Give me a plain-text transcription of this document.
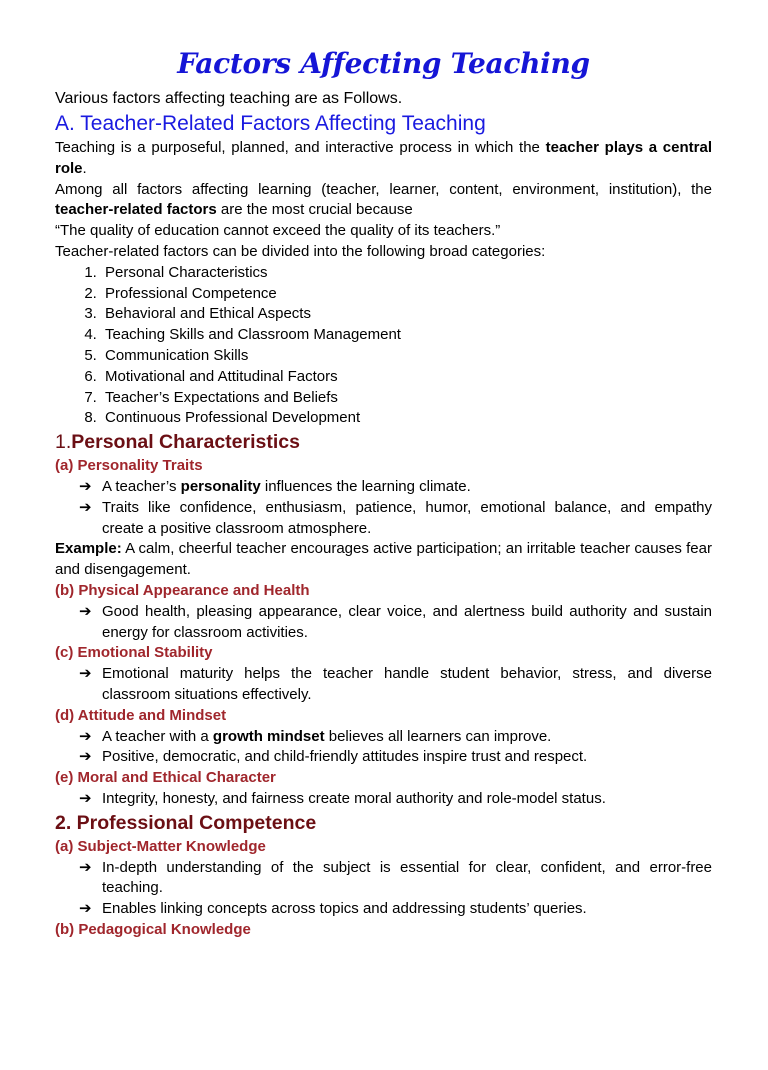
Factors Affecting Teaching

Various factors affecting teaching are as Follows.

A. Teacher-Related Factors Affecting Teaching

Teaching is a purposeful, planned, and interactive process in which the teacher plays a central role.

Among all factors affecting learning (teacher, learner, content, environment, institution), the teacher-related factors are the most crucial because

“The quality of education cannot exceed the quality of its teachers.”

Teacher-related factors can be divided into the following broad categories:

1. Personal Characteristics
2. Professional Competence
3. Behavioral and Ethical Aspects
4. Teaching Skills and Classroom Management
5. Communication Skills
6. Motivational and Attitudinal Factors
7. Teacher’s Expectations and Beliefs
8. Continuous Professional Development
1.Personal Characteristics

(a) Personality Traits

➔ A teacher’s personality influences the learning climate.
➔ Traits like confidence, enthusiasm, patience, humor, emotional balance, and empathy create a positive classroom atmosphere.

Example: A calm, cheerful teacher encourages active participation; an irritable teacher causes fear and disengagement.

(b) Physical Appearance and Health

➔ Good health, pleasing appearance, clear voice, and alertness build authority and sustain energy for classroom activities.

(c) Emotional Stability

➔ Emotional maturity helps the teacher handle student behavior, stress, and diverse classroom situations effectively.

(d) Attitude and Mindset

➔ A teacher with a growth mindset believes all learners can improve.
➔ Positive, democratic, and child-friendly attitudes inspire trust and respect.

(e) Moral and Ethical Character

➔ Integrity, honesty, and fairness create moral authority and role-model status.
2. Professional Competence

(a) Subject-Matter Knowledge

➔ In-depth understanding of the subject is essential for clear, confident, and error-free teaching.
➔ Enables linking concepts across topics and addressing students’ queries.

(b) Pedagogical Knowledge
